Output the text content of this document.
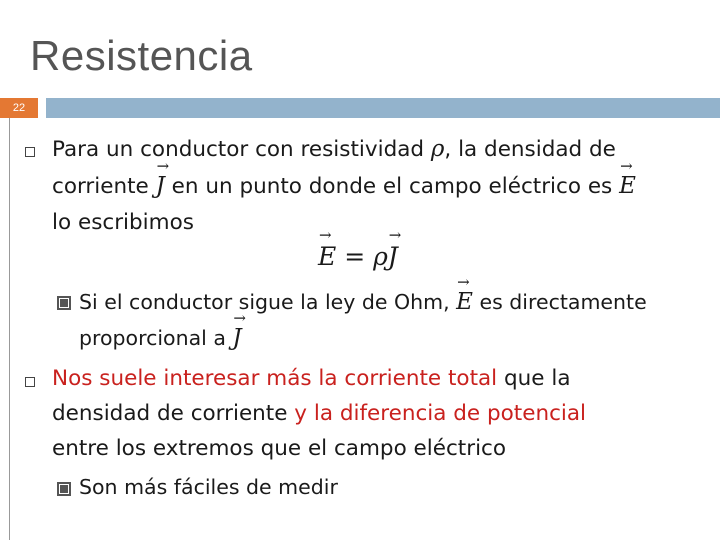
Resistencia
22
Para un conductor con resistividad ρ, la densidad de
corriente → J en un punto donde el campo eléctrico es → E
lo escribimos
→ E = ρ→ J
Si el conductor sigue la ley de Ohm, → E es directamente
proporcional a → J
Nos suele interesar más la corriente total que la
densidad de corriente y la diferencia de potencial
entre los extremos que el campo eléctrico
Son más fáciles de medir
